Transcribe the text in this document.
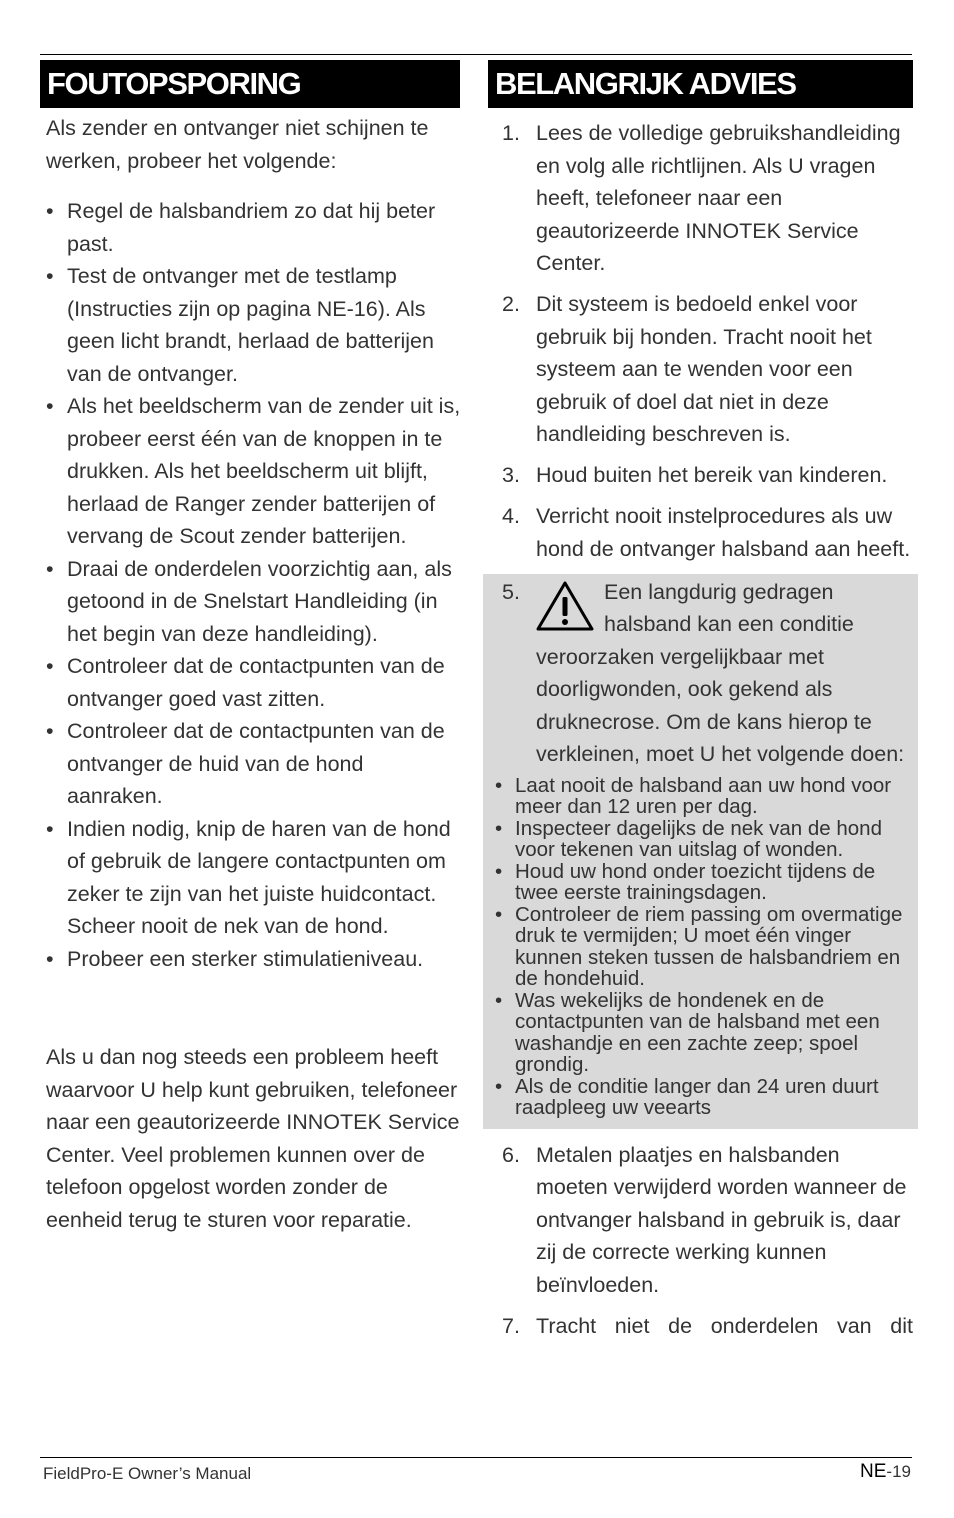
FOUTOPSPORING	BELANGRIJK ADVIES

Als zender en ontvanger niet schijnen te werken, probeer het volgende:

• Regel de halsbandriem zo dat hij beter past.
• Test de ontvanger met de testlamp (Instructies zijn op pagina NE-16). Als geen licht brandt, herlaad de batterijen van de ontvanger.
• Als het beeldscherm van de zender uit is, probeer eerst één van de knoppen in te drukken. Als het beeldscherm uit blijft, herlaad de Ranger zender batterijen of vervang de Scout zender batterijen.
• Draai de onderdelen voorzichtig aan, als getoond in de Snelstart Handleiding (in het begin van deze handleiding).
• Controleer dat de contactpunten van de ontvanger goed vast zitten.
• Controleer dat de contactpunten van de ontvanger de huid van de hond aanraken.
• Indien nodig, knip de haren van de hond of gebruik de langere contactpunten om zeker te zijn van het juiste huidcontact. Scheer nooit de nek van de hond.
• Probeer een sterker stimulatieniveau.

Als u dan nog steeds een probleem heeft waarvoor U help kunt gebruiken, telefoneer naar een geautorizeerde INNOTEK Service Center. Veel problemen kunnen over de telefoon opgelost worden zonder de eenheid terug te sturen voor reparatie.

1. Lees de volledige gebruikshandleiding en volg alle richtlijnen. Als U vragen heeft, telefoneer naar een geautorizeerde INNOTEK Service Center.
2. Dit systeem is bedoeld enkel voor gebruik bij honden. Tracht nooit het systeem aan te wenden voor een gebruik of doel dat niet in deze handleiding beschreven is.
3. Houd buiten het bereik van kinderen.
4. Verricht nooit instelprocedures als uw hond de ontvanger halsband aan heeft.
5.	Een langdurig gedragen halsband kan een conditie
veroorzaken vergelijkbaar met doorligwonden, ook gekend als druknecrose. Om de kans hierop te verkleinen, moet U het volgende doen:
• Laat nooit de halsband aan uw hond voor meer dan 12 uren per dag.
• Inspecteer dagelijks de nek van de hond voor tekenen van uitslag of wonden.
• Houd uw hond onder toezicht tijdens de twee eerste trainingsdagen.
• Controleer de riem passing om overmatige druk te vermijden; U moet één vinger kunnen steken tussen de halsbandriem en de hondehuid.
• Was wekelijks de hondenek en de contactpunten van de halsband met een washandje en een zachte zeep; spoel grondig.
• Als de conditie langer dan 24 uren duurt raadpleeg uw veearts
6. Metalen plaatjes en halsbanden moeten verwijderd worden wanneer de ontvanger halsband in gebruik is, daar zij de correcte werking kunnen beïnvloeden.
7. Tracht niet de onderdelen van dit
FieldPro-E Owner’s Manual	NE-19
